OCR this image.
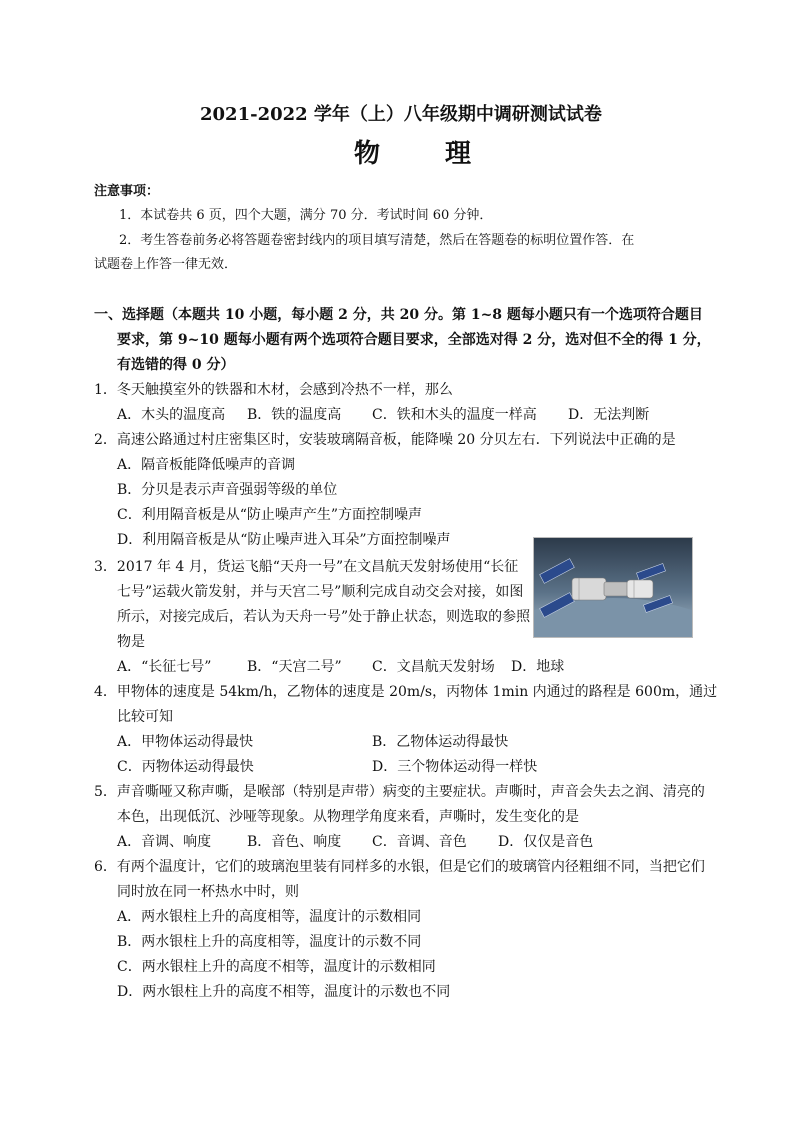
2021-2022 学年（上）八年级期中调研测试试卷
物 理
注意事项：
1．本试卷共 6 页，四个大题，满分 70 分．考试时间 60 分钟．
2．考生答卷前务必将答题卷密封线内的项目填写清楚，然后在答题卷的标明位置作答．在
试题卷上作答一律无效．
一、选择题（本题共 10 小题，每小题 2 分，共 20 分。第 1~8 题每小题只有一个选项符合题目
要求，第 9~10 题每小题有两个选项符合题目要求，全部选对得 2 分，选对但不全的得 1 分，
有选错的得 0 分）
1．冬天触摸室外的铁器和木材，会感到冷热不一样，那么
A．木头的温度高 B．铁的温度高 C．铁和木头的温度一样高 D．无法判断
2．高速公路通过村庄密集区时，安装玻璃隔音板，能降噪 20 分贝左右．下列说法中正确的是
A．隔音板能降低噪声的音调
B．分贝是表示声音强弱等级的单位
C．利用隔音板是从“防止噪声产生”方面控制噪声
D．利用隔音板是从“防止噪声进入耳朵”方面控制噪声
3．2017 年 4 月，货运飞船“天舟一号”在文昌航天发射场使用“长征
七号”运载火箭发射，并与天宫二号”顺利完成自动交会对接，如图
所示，对接完成后，若认为天舟一号”处于静止状态，则选取的参照
物是
A．“长征七号”	B．“天宫二号” C．文昌航天发射场 D．地球
4．甲物体的速度是 54km/h，乙物体的速度是 20m/s，丙物体 1min 内通过的路程是 600m，通过
比较可知
A．甲物体运动得最快	B．乙物体运动得最快
C．丙物体运动得最快	D．三个物体运动得一样快
5．声音嘶哑又称声嘶，是喉部（特别是声带）病变的主要症状。声嘶时，声音会失去之润、清亮的
本色，出现低沉、沙哑等现象。从物理学角度来看，声嘶时，发生变化的是
A．音调、响度	B．音色、响度 C．音调、音色 D．仅仅是音色
6．有两个温度计，它们的玻璃泡里装有同样多的水银，但是它们的玻璃管内径粗细不同，当把它们
同时放在同一杯热水中时，则
A．两水银柱上升的高度相等，温度计的示数相同
B．两水银柱上升的高度相等，温度计的示数不同
C．两水银柱上升的高度不相等，温度计的示数相同
D．两水银柱上升的高度不相等，温度计的示数也不同
